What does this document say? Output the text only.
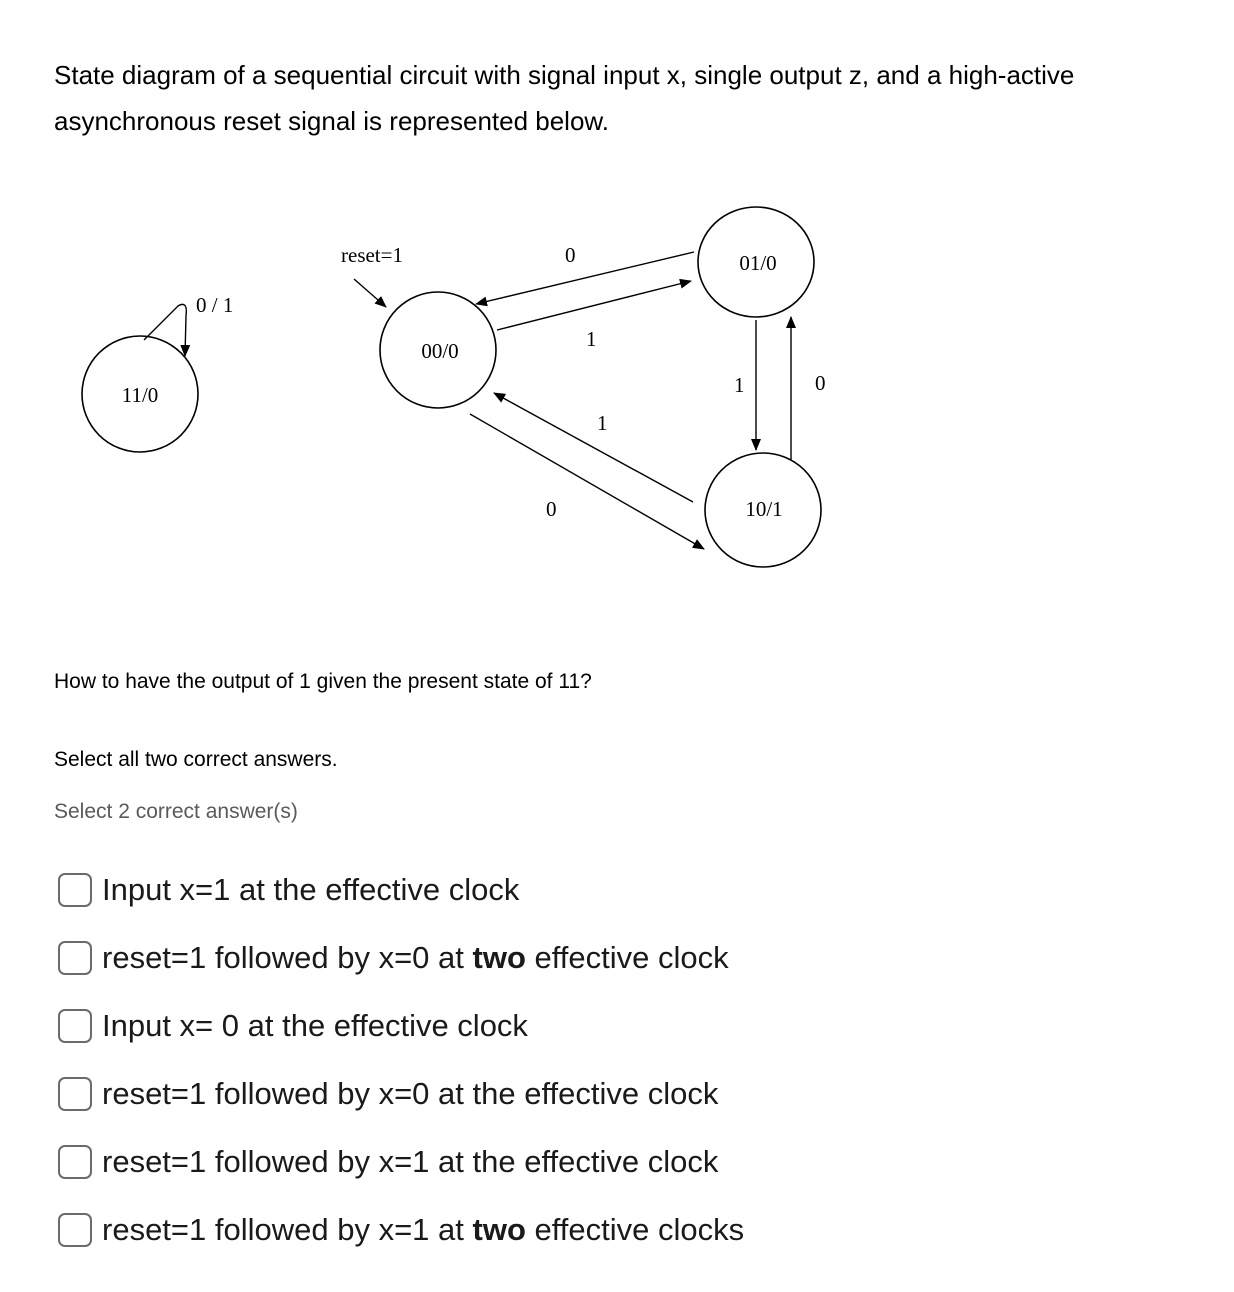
State diagram of a sequential circuit with signal input x, single output z, and a high-active asynchronous reset signal is represented below.

11/0
00/0
01/0
10/1
0 / 1
reset=1	0
1
1
0
1	0

How to have the output of 1 given the present state of 11?

Select all two correct answers.

Select 2 correct answer(s)

Input x=1 at the effective clock
reset=1 followed by x=0 at two effective clock
Input x= 0 at the effective clock
reset=1 followed by x=0 at the effective clock
reset=1 followed by x=1 at the effective clock
reset=1 followed by x=1 at two effective clocks
